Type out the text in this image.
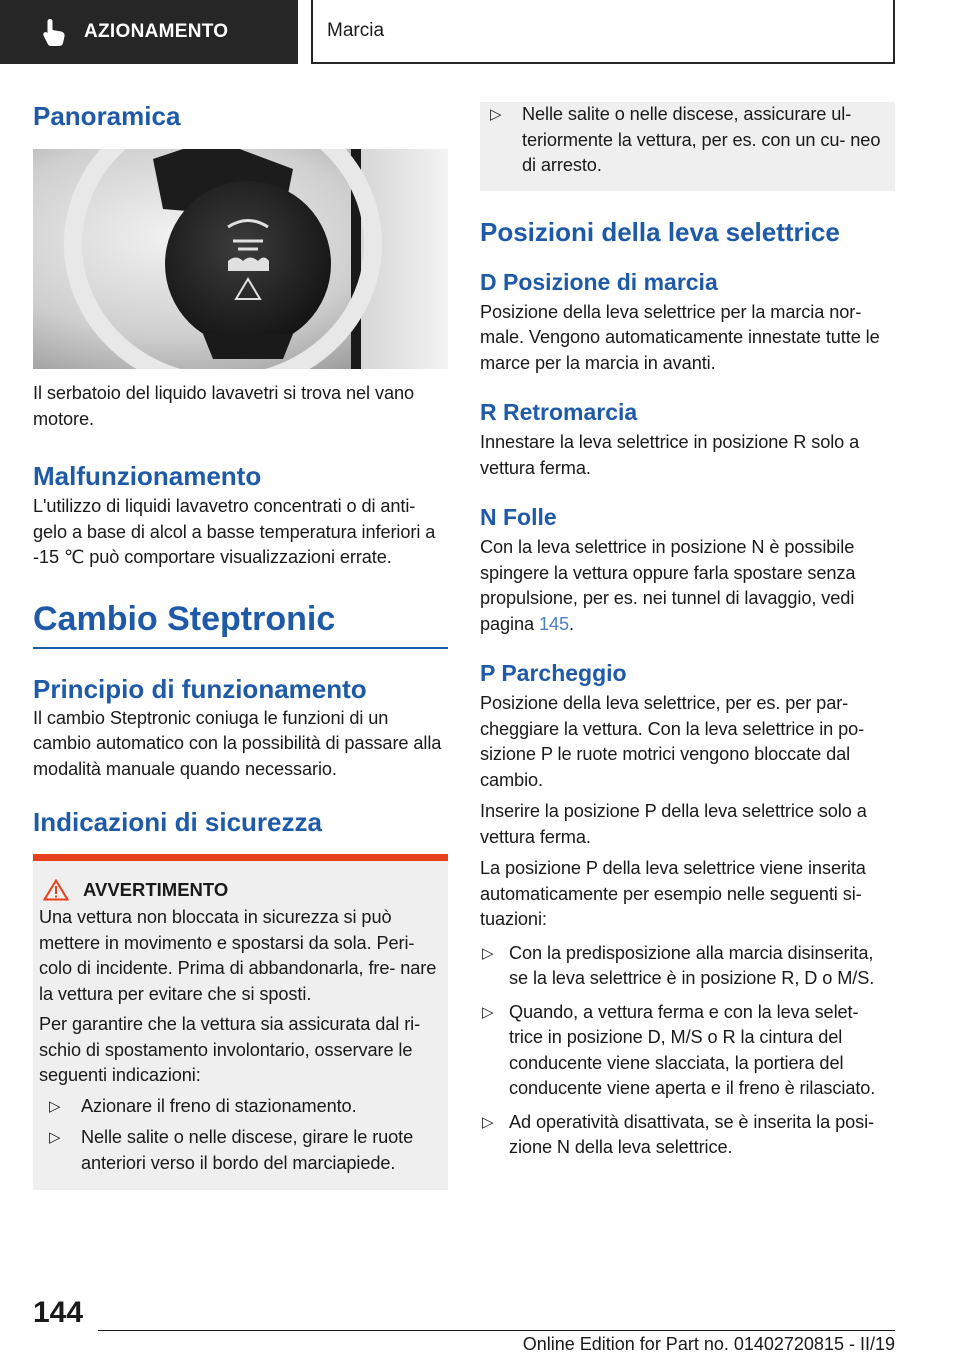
AZIONAMENTO	Marcia
Panoramica

Il serbatoio del liquido lavavetri si trova nel vano motore.

Malfunzionamento

L'utilizzo di liquidi lavavetro concentrati o di anti- gelo a base di alcol a basse temperatura inferiori a -15 ℃ può comportare visualizzazioni errate.

Cambio Steptronic
Principio di funzionamento

Il cambio Steptronic coniuga le funzioni di un cambio automatico con la possibilità di passare alla modalità manuale quando necessario.

Indicazioni di sicurezza
AVVERTIMENTO

Una vettura non bloccata in sicurezza si può mettere in movimento e spostarsi da sola. Peri- colo di incidente. Prima di abbandonarla, fre- nare la vettura per evitare che si sposti.

Per garantire che la vettura sia assicurata dal ri- schio di spostamento involontario, osservare le seguenti indicazioni:

▷ Azionare il freno di stazionamento.

▷ Nelle salite o nelle discese, girare le ruote anteriori verso il bordo del marciapiede.

▷ Nelle salite o nelle discese, assicurare ul- teriormente la vettura, per es. con un cu- neo di arresto.

Posizioni della leva selettrice
D Posizione di marcia

Posizione della leva selettrice per la marcia nor- male. Vengono automaticamente innestate tutte le marce per la marcia in avanti.

R Retromarcia

Innestare la leva selettrice in posizione R solo a vettura ferma.

N Folle

Con la leva selettrice in posizione N è possibile spingere la vettura oppure farla spostare senza propulsione, per es. nei tunnel di lavaggio, vedi pagina 145.

P Parcheggio

Posizione della leva selettrice, per es. per par- cheggiare la vettura. Con la leva selettrice in po- sizione P le ruote motrici vengono bloccate dal cambio.

Inserire la posizione P della leva selettrice solo a vettura ferma.

La posizione P della leva selettrice viene inserita automaticamente per esempio nelle seguenti si- tuazioni:

▷ Con la predisposizione alla marcia disinserita, se la leva selettrice è in posizione R, D o M/S.

▷ Quando, a vettura ferma e con la leva selet- trice in posizione D, M/S o R la cintura del conducente viene slacciata, la portiera del conducente viene aperta e il freno è rilasciato.

▷ Ad operatività disattivata, se è inserita la posi- zione N della leva selettrice.

144
Online Edition for Part no. 01402720815 - II/19
